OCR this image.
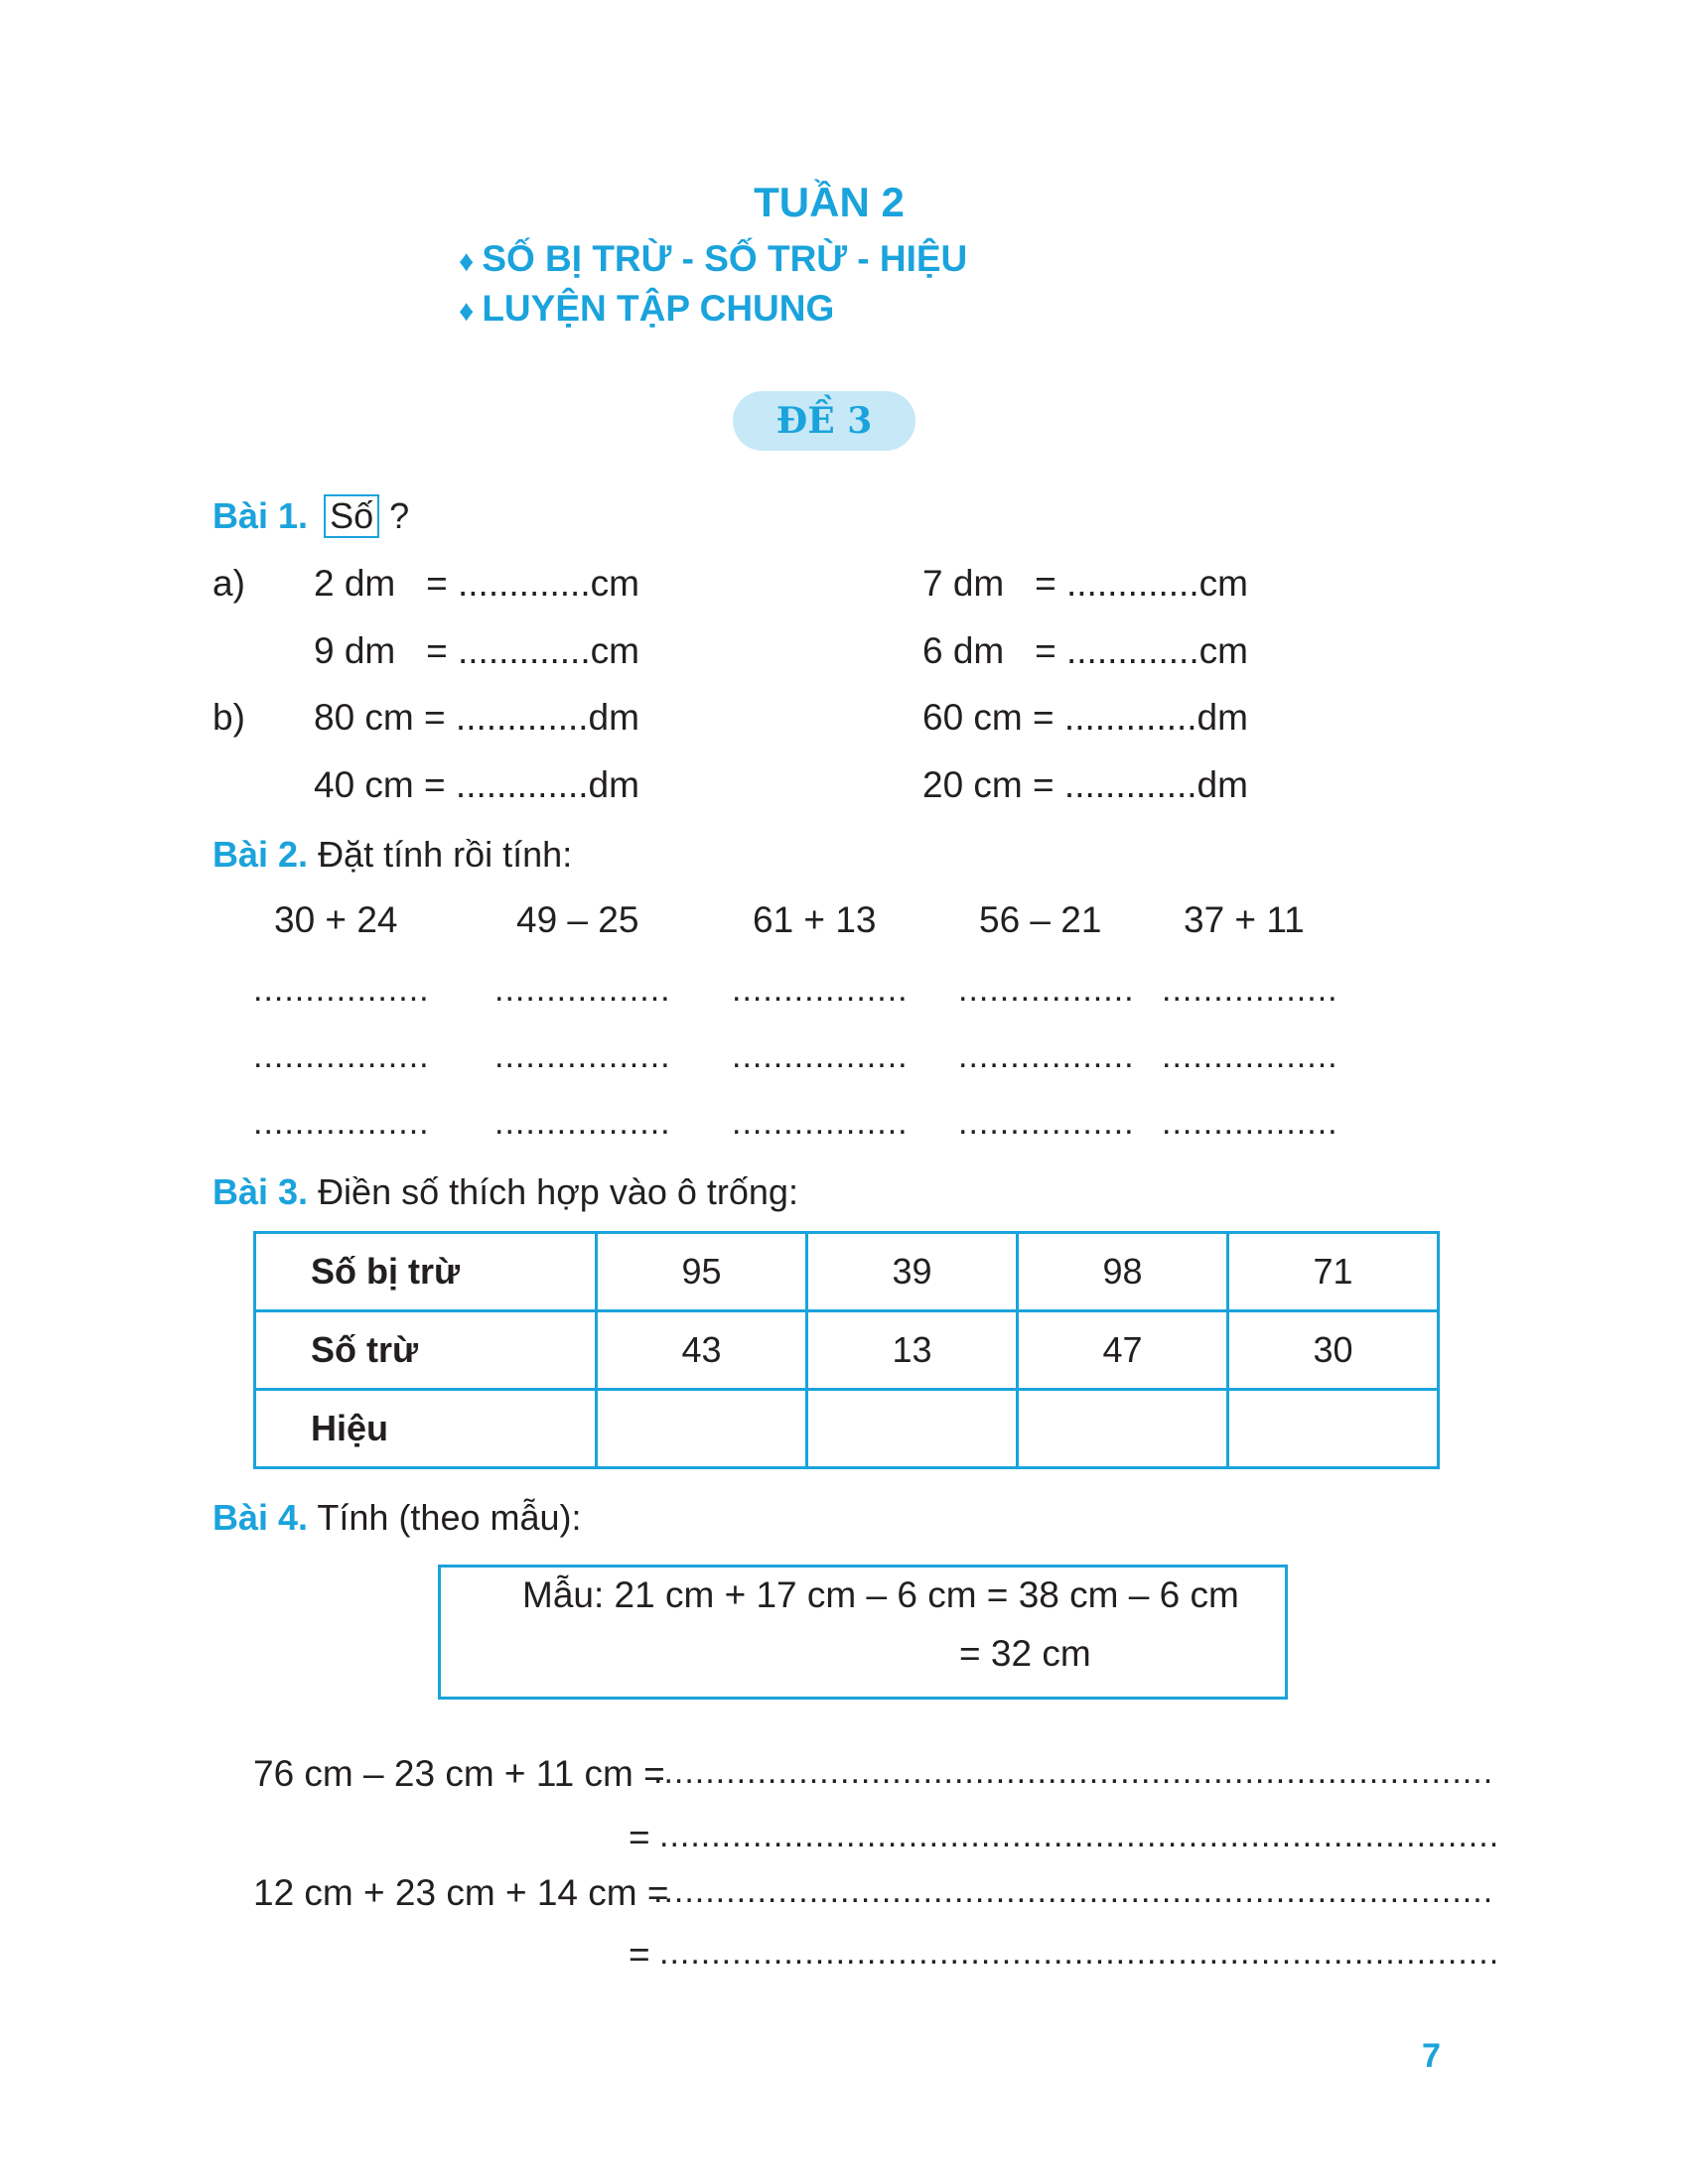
TUẦN 2
♦ SỐ BỊ TRỪ - SỐ TRỪ - HIỆU
♦ LUYỆN TẬP CHUNG
ĐỀ 3
Bài 1. Số ?
a)
b)
2 dm   = .............cm	7 dm   = .............cm
9 dm   = .............cm	6 dm   = .............cm
80 cm = .............dm	60 cm = .............dm
40 cm = .............dm	20 cm = .............dm
Bài 2. Đặt tính rồi tính:
30 + 24	49 – 25	61 + 13	56 – 21 37 + 11
................. ................. ................. ................. .................
................. ................. ................. ................. .................
................. ................. ................. ................. .................
Bài 3. Điền số thích hợp vào ô trống:
Số bị trừ	95	39	98	71
Số trừ	43	13	47	30
Hiệu				
Bài 4. Tính (theo mẫu):
Mẫu: 21 cm + 17 cm – 6 cm = 38 cm – 6 cm
= 32 cm
76 cm – 23 cm + 11 cm =
.................................................................................
= .................................................................................
12 cm + 23 cm + 14 cm =
.................................................................................
= .................................................................................
7
